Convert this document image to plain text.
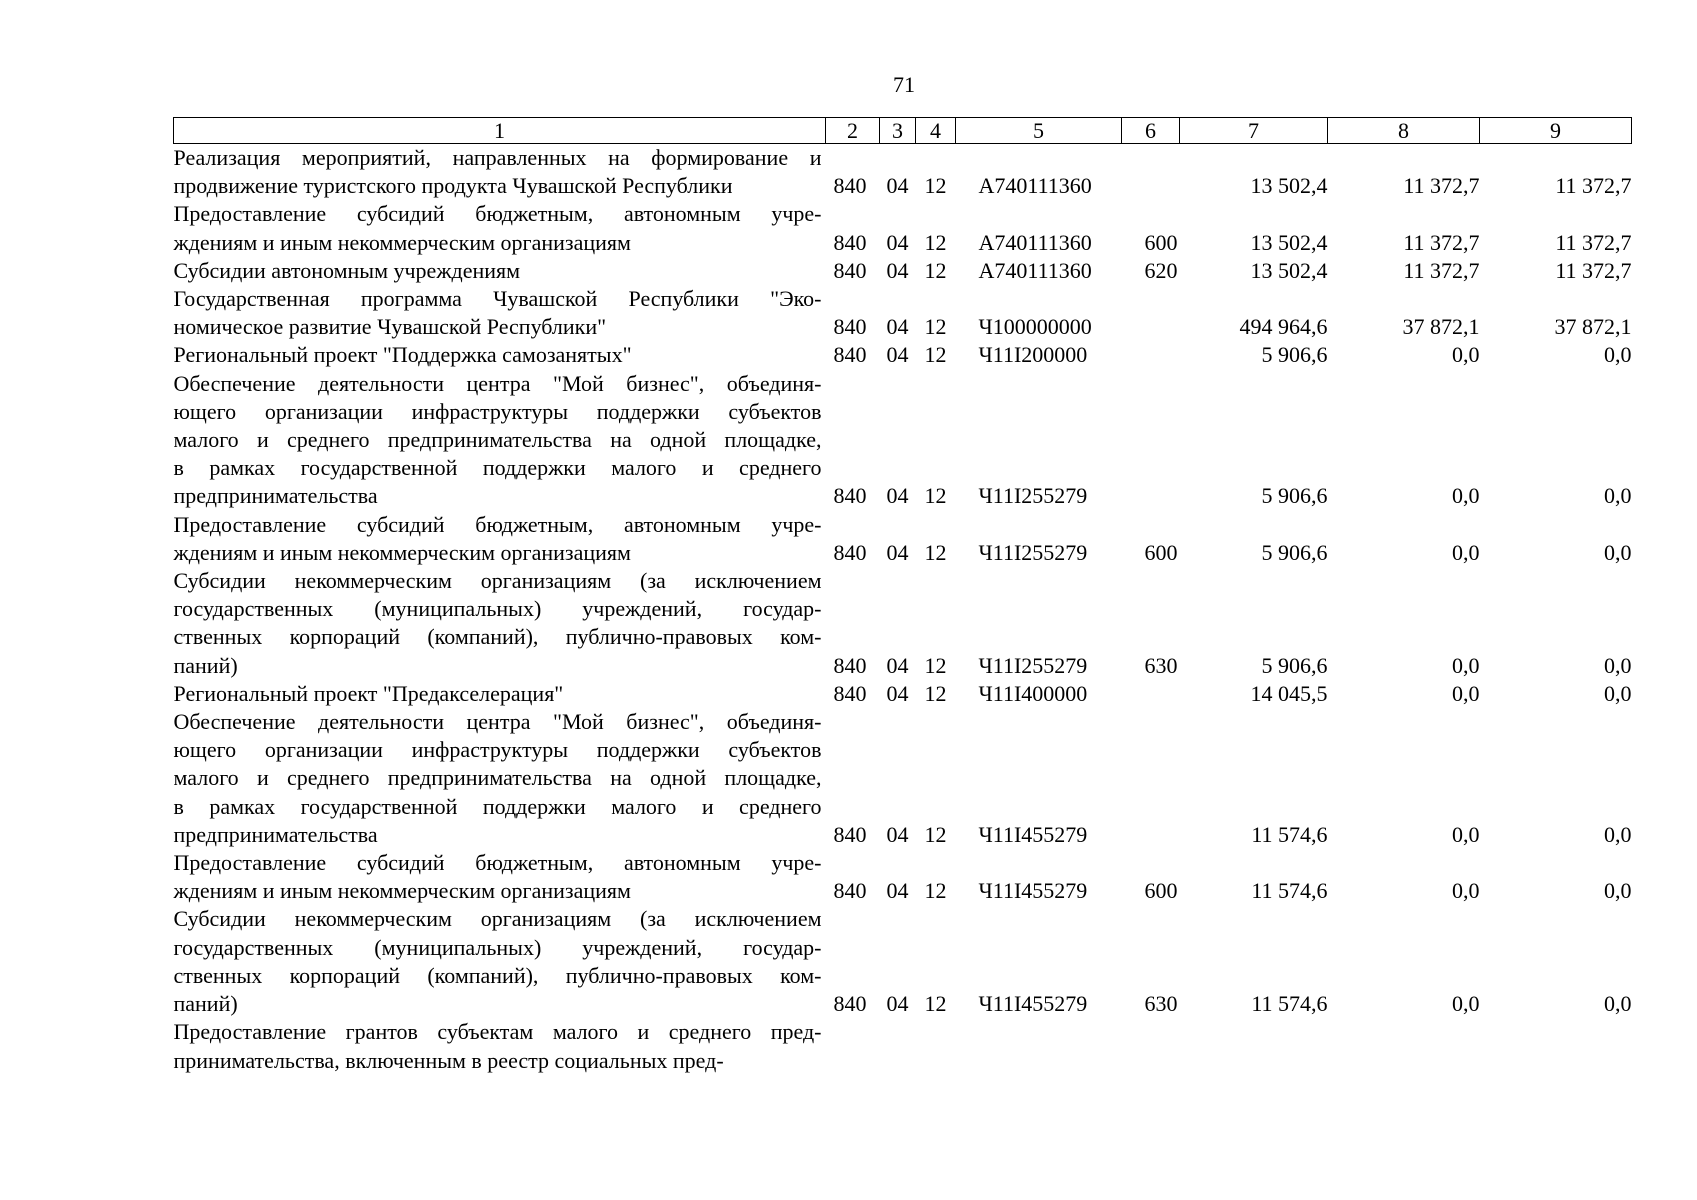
71
1	2	3	4	5	6	7	8	9

Реализация мероприятий, направленных на формирование и
продвижение туристского продукта Чувашской Республики	840	04	12	А740111360		13 502,4	11 372,7	11 372,7

Предоставление субсидий бюджетным, автономным учре-
ждениям и иным некоммерческим организациям	840	04	12	А740111360	600	13 502,4	11 372,7	11 372,7

Субсидии автономным учреждениям	840	04	12	А740111360	620	13 502,4	11 372,7	11 372,7

Государственная программа Чувашской Республики "Эко-
номическое развитие Чувашской Республики"	840	04	12	Ч100000000		494 964,6	37 872,1	37 872,1

Региональный проект "Поддержка самозанятых"	840	04	12	Ч11I200000		5 906,6	0,0	0,0

Обеспечение деятельности центра "Мой бизнес", объединя-
ющего организации инфраструктуры поддержки субъектов
малого и среднего предпринимательства на одной площадке,
в рамках государственной поддержки малого и среднего
предпринимательства	840	04	12	Ч11I255279		5 906,6	0,0	0,0

Предоставление субсидий бюджетным, автономным учре-
ждениям и иным некоммерческим организациям	840	04	12	Ч11I255279	600	5 906,6	0,0	0,0

Субсидии некоммерческим организациям (за исключением
государственных (муниципальных) учреждений, государ-
ственных корпораций (компаний), публично-правовых ком-
паний)	840	04	12	Ч11I255279	630	5 906,6	0,0	0,0

Региональный проект "Предакселерация"	840	04	12	Ч11I400000		14 045,5	0,0	0,0

Обеспечение деятельности центра "Мой бизнес", объединя-
ющего организации инфраструктуры поддержки субъектов
малого и среднего предпринимательства на одной площадке,
в рамках государственной поддержки малого и среднего
предпринимательства	840	04	12	Ч11I455279		11 574,6	0,0	0,0

Предоставление субсидий бюджетным, автономным учре-
ждениям и иным некоммерческим организациям	840	04	12	Ч11I455279	600	11 574,6	0,0	0,0

Субсидии некоммерческим организациям (за исключением
государственных (муниципальных) учреждений, государ-
ственных корпораций (компаний), публично-правовых ком-
паний)	840	04	12	Ч11I455279	630	11 574,6	0,0	0,0

Предоставление грантов субъектам малого и среднего пред-
принимательства, включенным в реестр социальных пред-								
